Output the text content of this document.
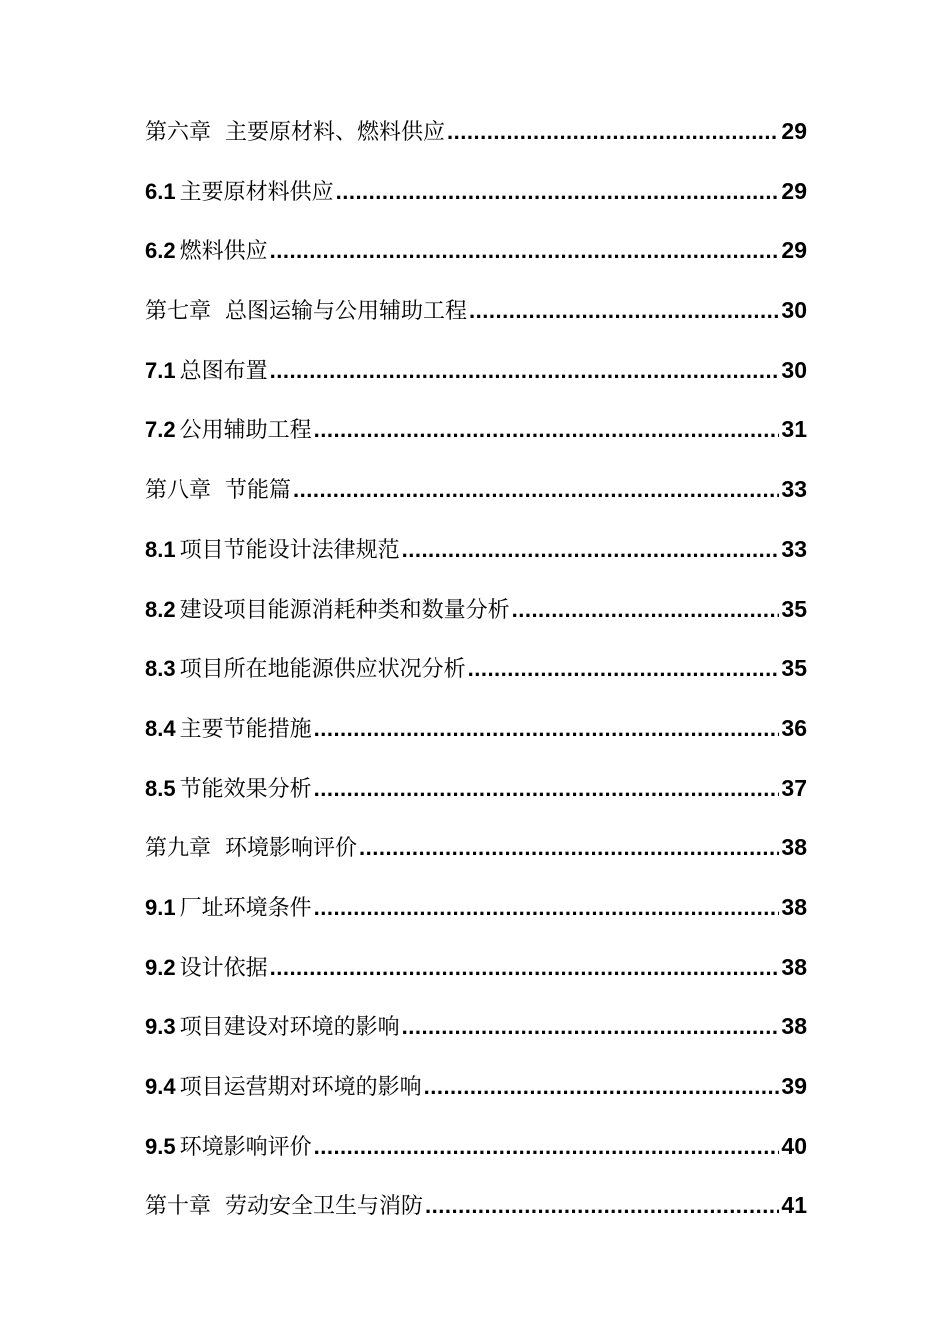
第六章 主要原材料、燃料供应 .....	29
6.1 主要原材料供应 .....	29
6.2 燃料供应 .....	29
第七章 总图运输与公用辅助工程 .....	30
7.1 总图布置 .....	30
7.2 公用辅助工程 .....	31
第八章 节能篇 .....	33
8.1 项目节能设计法律规范 .....	33
8.2 建设项目能源消耗种类和数量分析 .....	35
8.3 项目所在地能源供应状况分析 .....	35
8.4 主要节能措施 .....	36
8.5 节能效果分析 .....	37
第九章 环境影响评价 .....	38
9.1 厂址环境条件 .....	38
9.2 设计依据 .....	38
9.3 项目建设对环境的影响 .....	38
9.4 项目运营期对环境的影响 .....	39
9.5 环境影响评价 .....	40
第十章 劳动安全卫生与消防 .....	41
